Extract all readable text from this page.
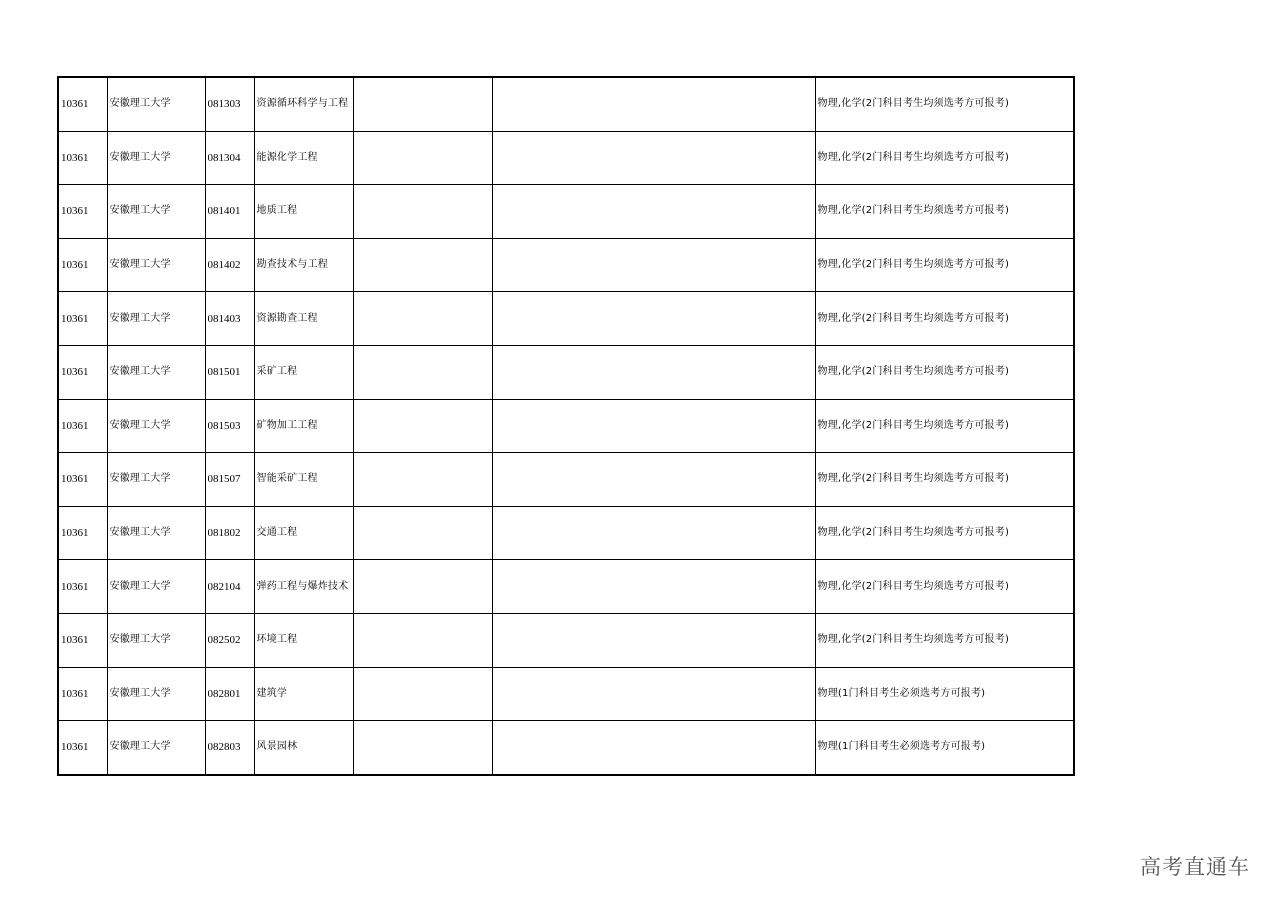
10361	安徽理工大学	081303	资源循环科学与工程			物理,化学(2门科目考生均须选考方可报考)
10361	安徽理工大学	081304	能源化学工程			物理,化学(2门科目考生均须选考方可报考)
10361	安徽理工大学	081401	地质工程			物理,化学(2门科目考生均须选考方可报考)
10361	安徽理工大学	081402	勘查技术与工程			物理,化学(2门科目考生均须选考方可报考)
10361	安徽理工大学	081403	资源勘查工程			物理,化学(2门科目考生均须选考方可报考)
10361	安徽理工大学	081501	采矿工程			物理,化学(2门科目考生均须选考方可报考)
10361	安徽理工大学	081503	矿物加工工程			物理,化学(2门科目考生均须选考方可报考)
10361	安徽理工大学	081507	智能采矿工程			物理,化学(2门科目考生均须选考方可报考)
10361	安徽理工大学	081802	交通工程			物理,化学(2门科目考生均须选考方可报考)
10361	安徽理工大学	082104	弹药工程与爆炸技术			物理,化学(2门科目考生均须选考方可报考)
10361	安徽理工大学	082502	环境工程			物理,化学(2门科目考生均须选考方可报考)
10361	安徽理工大学	082801	建筑学			物理(1门科目考生必须选考方可报考)
10361	安徽理工大学	082803	风景园林			物理(1门科目考生必须选考方可报考)
高考直通车
